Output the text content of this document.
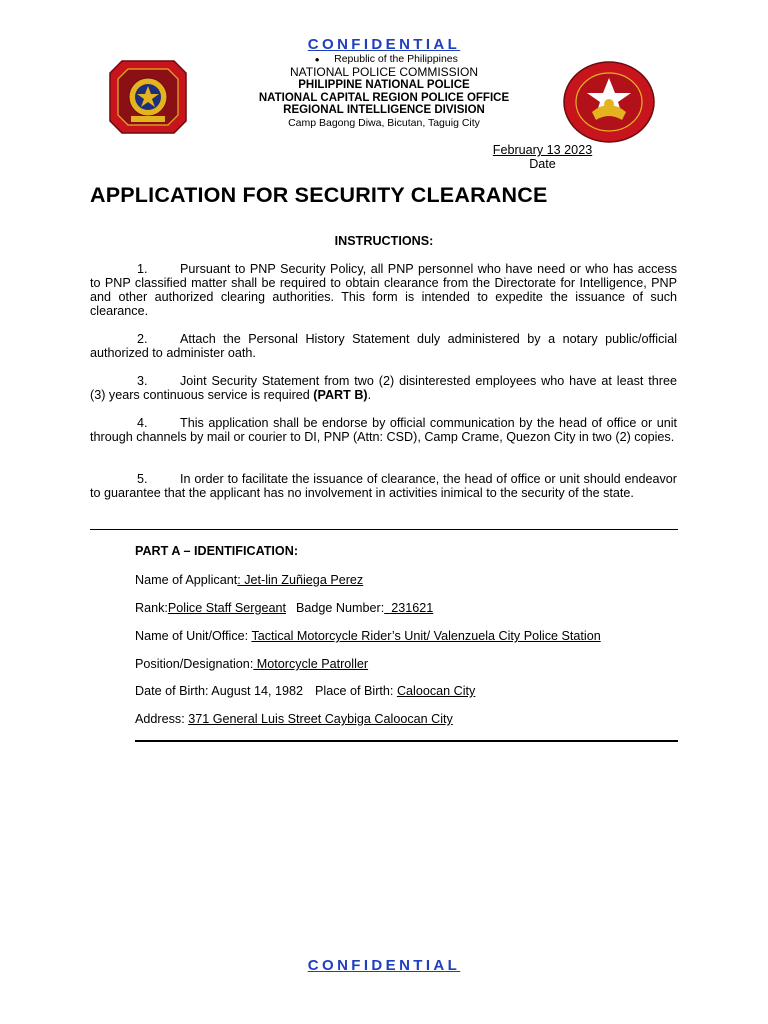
CONFIDENTIAL
● Republic of the Philippines
NATIONAL POLICE COMMISSION
PHILIPPINE NATIONAL POLICE
NATIONAL CAPITAL REGION POLICE OFFICE
REGIONAL INTELLIGENCE DIVISION
Camp Bagong Diwa, Bicutan, Taguig City
February 13 2023
Date
APPLICATION FOR SECURITY CLEARANCE
INSTRUCTIONS:
1.	Pursuant to PNP Security Policy, all PNP personnel who have need or who has access to PNP classified matter shall be required to obtain clearance from the Directorate for Intelligence, PNP and other authorized clearing authorities. This form is intended to expedite the issuance of such clearance.
2.	Attach the Personal History Statement duly administered by a notary public/official authorized to administer oath.
3.	Joint Security Statement from two (2) disinterested employees who have at least three (3) years continuous service is required (PART B).
4.	This application shall be endorse by official communication by the head of office or unit through channels by mail or courier to DI, PNP (Attn: CSD), Camp Crame, Quezon City in two (2) copies.
5.	In order to facilitate the issuance of clearance, the head of office or unit should endeavor to guarantee that the applicant has no involvement in activities inimical to the security of the state.
PART A – IDENTIFICATION:
Name of Applicant: Jet-lin Zuñiega Perez
Rank:Police Staff Sergeant Badge Number:  231621
Name of Unit/Office: Tactical Motorcycle Rider’s Unit/ Valenzuela City Police Station
Position/Designation: Motorcycle Patroller
Date of Birth: August 14, 1982 Place of Birth: Caloocan City
Address: 371 General Luis Street Caybiga Caloocan City
CONFIDENTIAL
